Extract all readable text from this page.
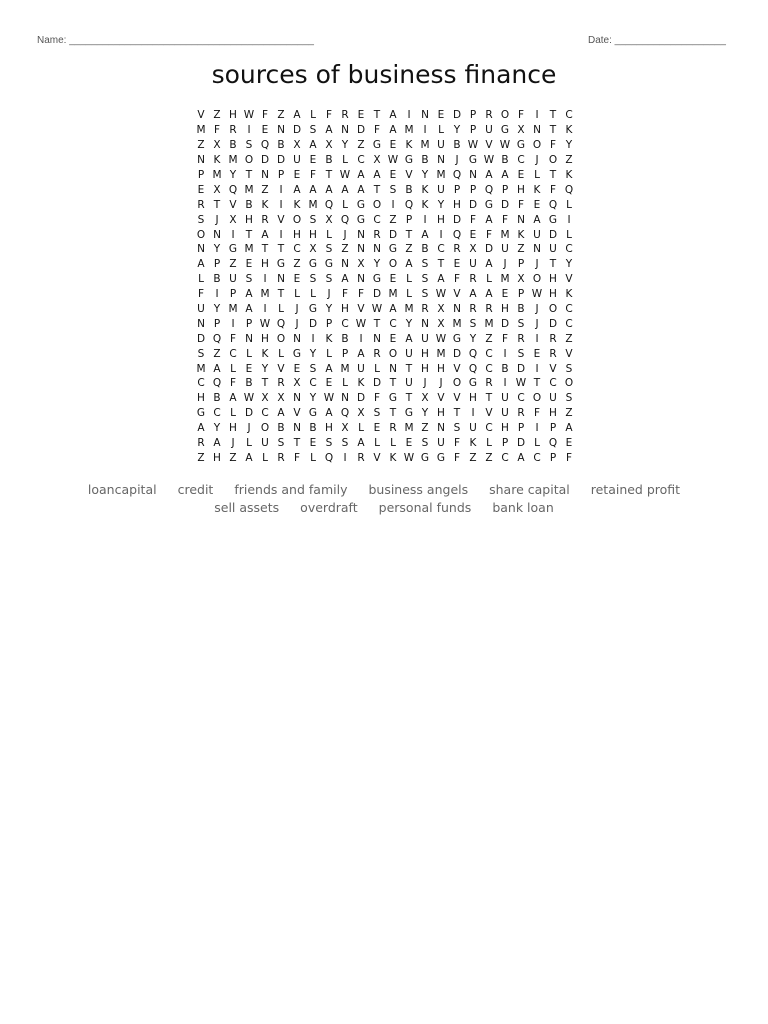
Name: ____________________________________________	Date: ____________________
sources of business finance
V Z H W F Z A L F R E T A	I	N E D P R O F	I	T C
M F R	I	E N D S A N D F A M I	L Y P U G X N T K
Z X B S Q B X A X Y Z G E K M U B W V W G O F Y
N K M O D D U E B L C X W G B N	J G W B C	J O Z
P M Y T N P E F T W A A E V Y M Q N A A E L T K
E X Q M Z	I	A A A A A T S B K U P P Q P H K F Q
R T V B K	I	K M Q L G O I Q K Y H D G D F E Q L
S	J	X H R V O S X Q G C Z P	I	H D F A F N A G I
O N	I	T A	I	H H L	J	N R D T A	I Q E F M K U D L
N Y G M T T C X S Z N N G Z B C R X D U Z N U C
A P Z E H G Z G G N X Y O A S T E U A	J	P	J	T Y
L B U S	I	N E S S A N G E L S A F R L M X O H V
F	I	P A M T L L	J	F F D M L S W V A A E P W H K
U Y M A	I	L	J G Y H V W A M R X N R R H B	J O C
N P	I	P W Q J D P C W T C Y N X M S M D S	J D C
D Q F N H O N	I	K B	I	N E A U W G Y Z F R	I	R Z
S Z C L K L G Y L P A R O U H M D Q C	I	S E R V
M A L E Y V E S A M U L N T H H V Q C B D I	V S
C Q F B T R X C E L K D T U	J	J O G R	I W T C O
H B A W X X N Y W N D F G T X V V H T U C O U S
G C L D C A V G A Q X S T G Y H T	I	V U R F H Z
A Y H J O B N B H X L E R M Z N S U C H P	I	P A
R A	J	L U S T E S S A L L E S U F K L P D L Q E
Z H Z A L R F L Q I	R V K W G G F Z Z C A C P F
loancapital credit friends and family business angels share capital retained profit
sell assets overdraft personal funds bank loan
